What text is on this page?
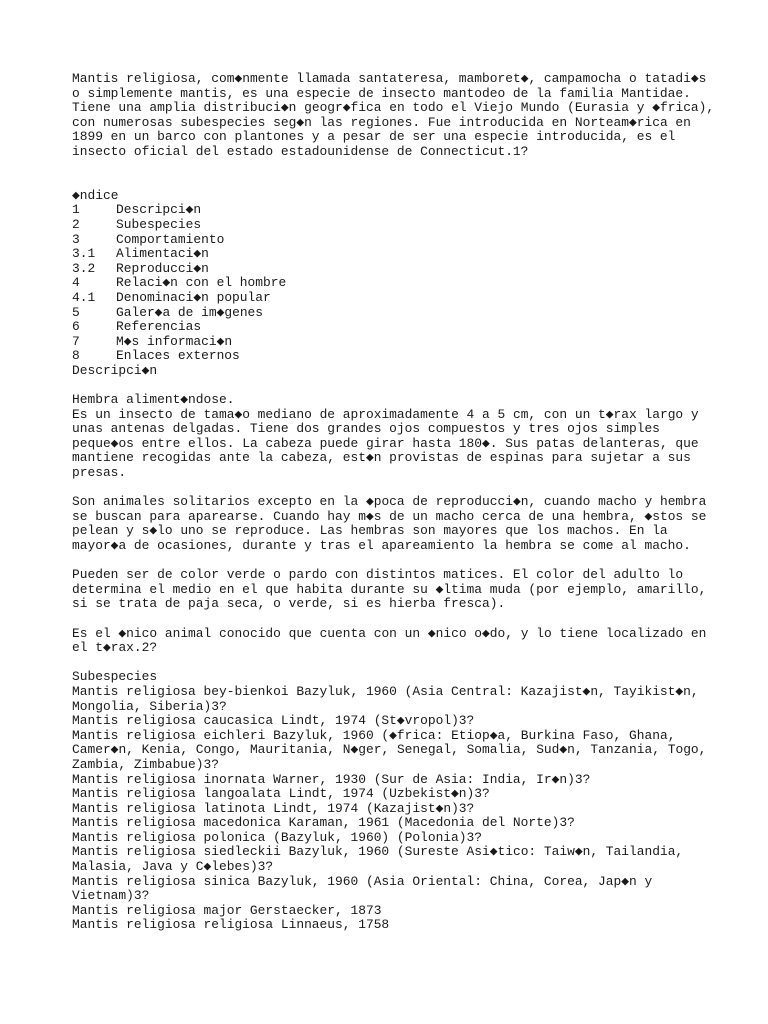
Mantis religiosa, com◆nmente llamada santateresa, mamboret◆, campamocha o tatadi◆s
o simplemente mantis, es una especie de insecto mantodeo de la familia Mantidae.
Tiene una amplia distribuci◆n geogr◆fica en todo el Viejo Mundo (Eurasia y ◆frica),
con numerosas subespecies seg◆n las regiones. Fue introducida en Norteam◆rica en
1899 en un barco con plantones y a pesar de ser una especie introducida, es el
insecto oficial del estado estadounidense de Connecticut.1?
◆ndice
1	Descripci◆n
2	Subespecies
3	Comportamiento
3.1	Alimentaci◆n
3.2	Reproducci◆n
4	Relaci◆n con el hombre
4.1	Denominaci◆n popular
5	Galer◆a de im◆genes
6	Referencias
7	M◆s informaci◆n
8	Enlaces externos
Descripci◆n
Hembra aliment◆ndose.
Es un insecto de tama◆o mediano de aproximadamente 4 a 5 cm, con un t◆rax largo y
unas antenas delgadas. Tiene dos grandes ojos compuestos y tres ojos simples
peque◆os entre ellos. La cabeza puede girar hasta 180◆. Sus patas delanteras, que
mantiene recogidas ante la cabeza, est◆n provistas de espinas para sujetar a sus
presas.
Son animales solitarios excepto en la ◆poca de reproducci◆n, cuando macho y hembra
se buscan para aparearse. Cuando hay m◆s de un macho cerca de una hembra, ◆stos se
pelean y s◆lo uno se reproduce. Las hembras son mayores que los machos. En la
mayor◆a de ocasiones, durante y tras el apareamiento la hembra se come al macho.
Pueden ser de color verde o pardo con distintos matices. El color del adulto lo
determina el medio en el que habita durante su ◆ltima muda (por ejemplo, amarillo,
si se trata de paja seca, o verde, si es hierba fresca).
Es el ◆nico animal conocido que cuenta con un ◆nico o◆do, y lo tiene localizado en
el t◆rax.2?
Subespecies
Mantis religiosa bey-bienkoi Bazyluk, 1960 (Asia Central: Kazajist◆n, Tayikist◆n,
Mongolia, Siberia)3?
Mantis religiosa caucasica Lindt, 1974 (St◆vropol)3?
Mantis religiosa eichleri Bazyluk, 1960 (◆frica: Etiop◆a, Burkina Faso, Ghana,
Camer◆n, Kenia, Congo, Mauritania, N◆ger, Senegal, Somalia, Sud◆n, Tanzania, Togo,
Zambia, Zimbabue)3?
Mantis religiosa inornata Warner, 1930 (Sur de Asia: India, Ir◆n)3?
Mantis religiosa langoalata Lindt, 1974 (Uzbekist◆n)3?
Mantis religiosa latinota Lindt, 1974 (Kazajist◆n)3?
Mantis religiosa macedonica Karaman, 1961 (Macedonia del Norte)3?
Mantis religiosa polonica (Bazyluk, 1960) (Polonia)3?
Mantis religiosa siedleckii Bazyluk, 1960 (Sureste Asi◆tico: Taiw◆n, Tailandia,
Malasia, Java y C◆lebes)3?
Mantis religiosa sinica Bazyluk, 1960 (Asia Oriental: China, Corea, Jap◆n y
Vietnam)3?
Mantis religiosa major Gerstaecker, 1873
Mantis religiosa religiosa Linnaeus, 1758
